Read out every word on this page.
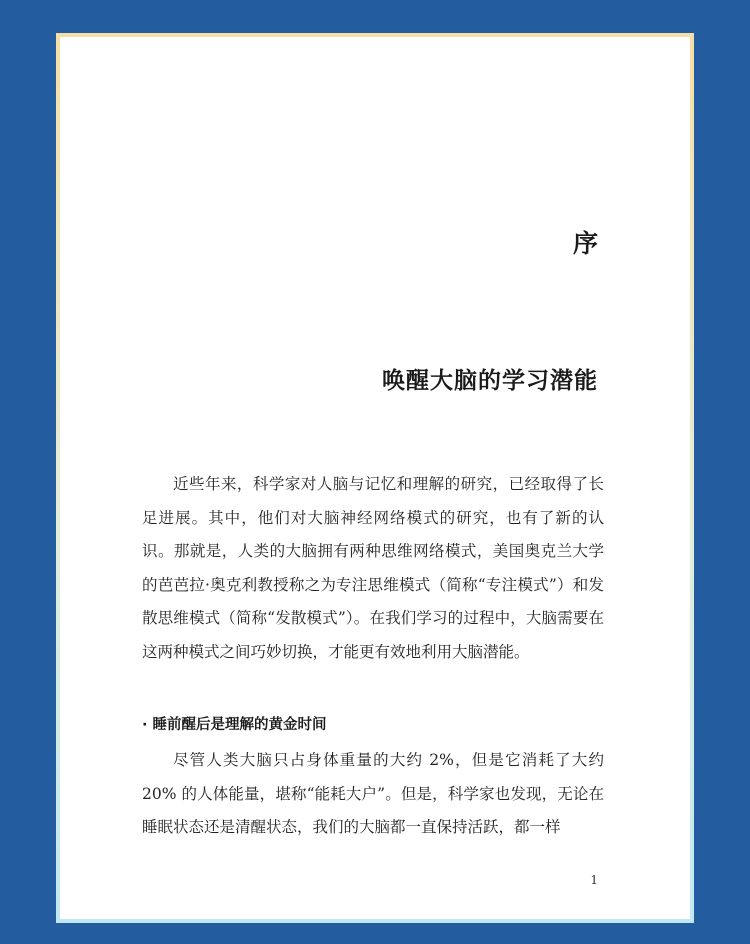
序
唤醒大脑的学习潜能

近些年来，科学家对人脑与记忆和理解的研究，已经取得了长足进展。其中，他们对大脑神经网络模式的研究，也有了新的认识。那就是，人类的大脑拥有两种思维网络模式，美国奥克兰大学的芭芭拉·奥克利教授称之为专注思维模式（简称“专注模式”）和发散思维模式（简称“发散模式”）。在我们学习的过程中，大脑需要在这两种模式之间巧妙切换，才能更有效地利用大脑潜能。

· 睡前醒后是理解的黄金时间

尽管人类大脑只占身体重量的大约 2%，但是它消耗了大约 20% 的人体能量，堪称“能耗大户”。但是，科学家也发现，无论在睡眠状态还是清醒状态，我们的大脑都一直保持活跃，都一样

1
